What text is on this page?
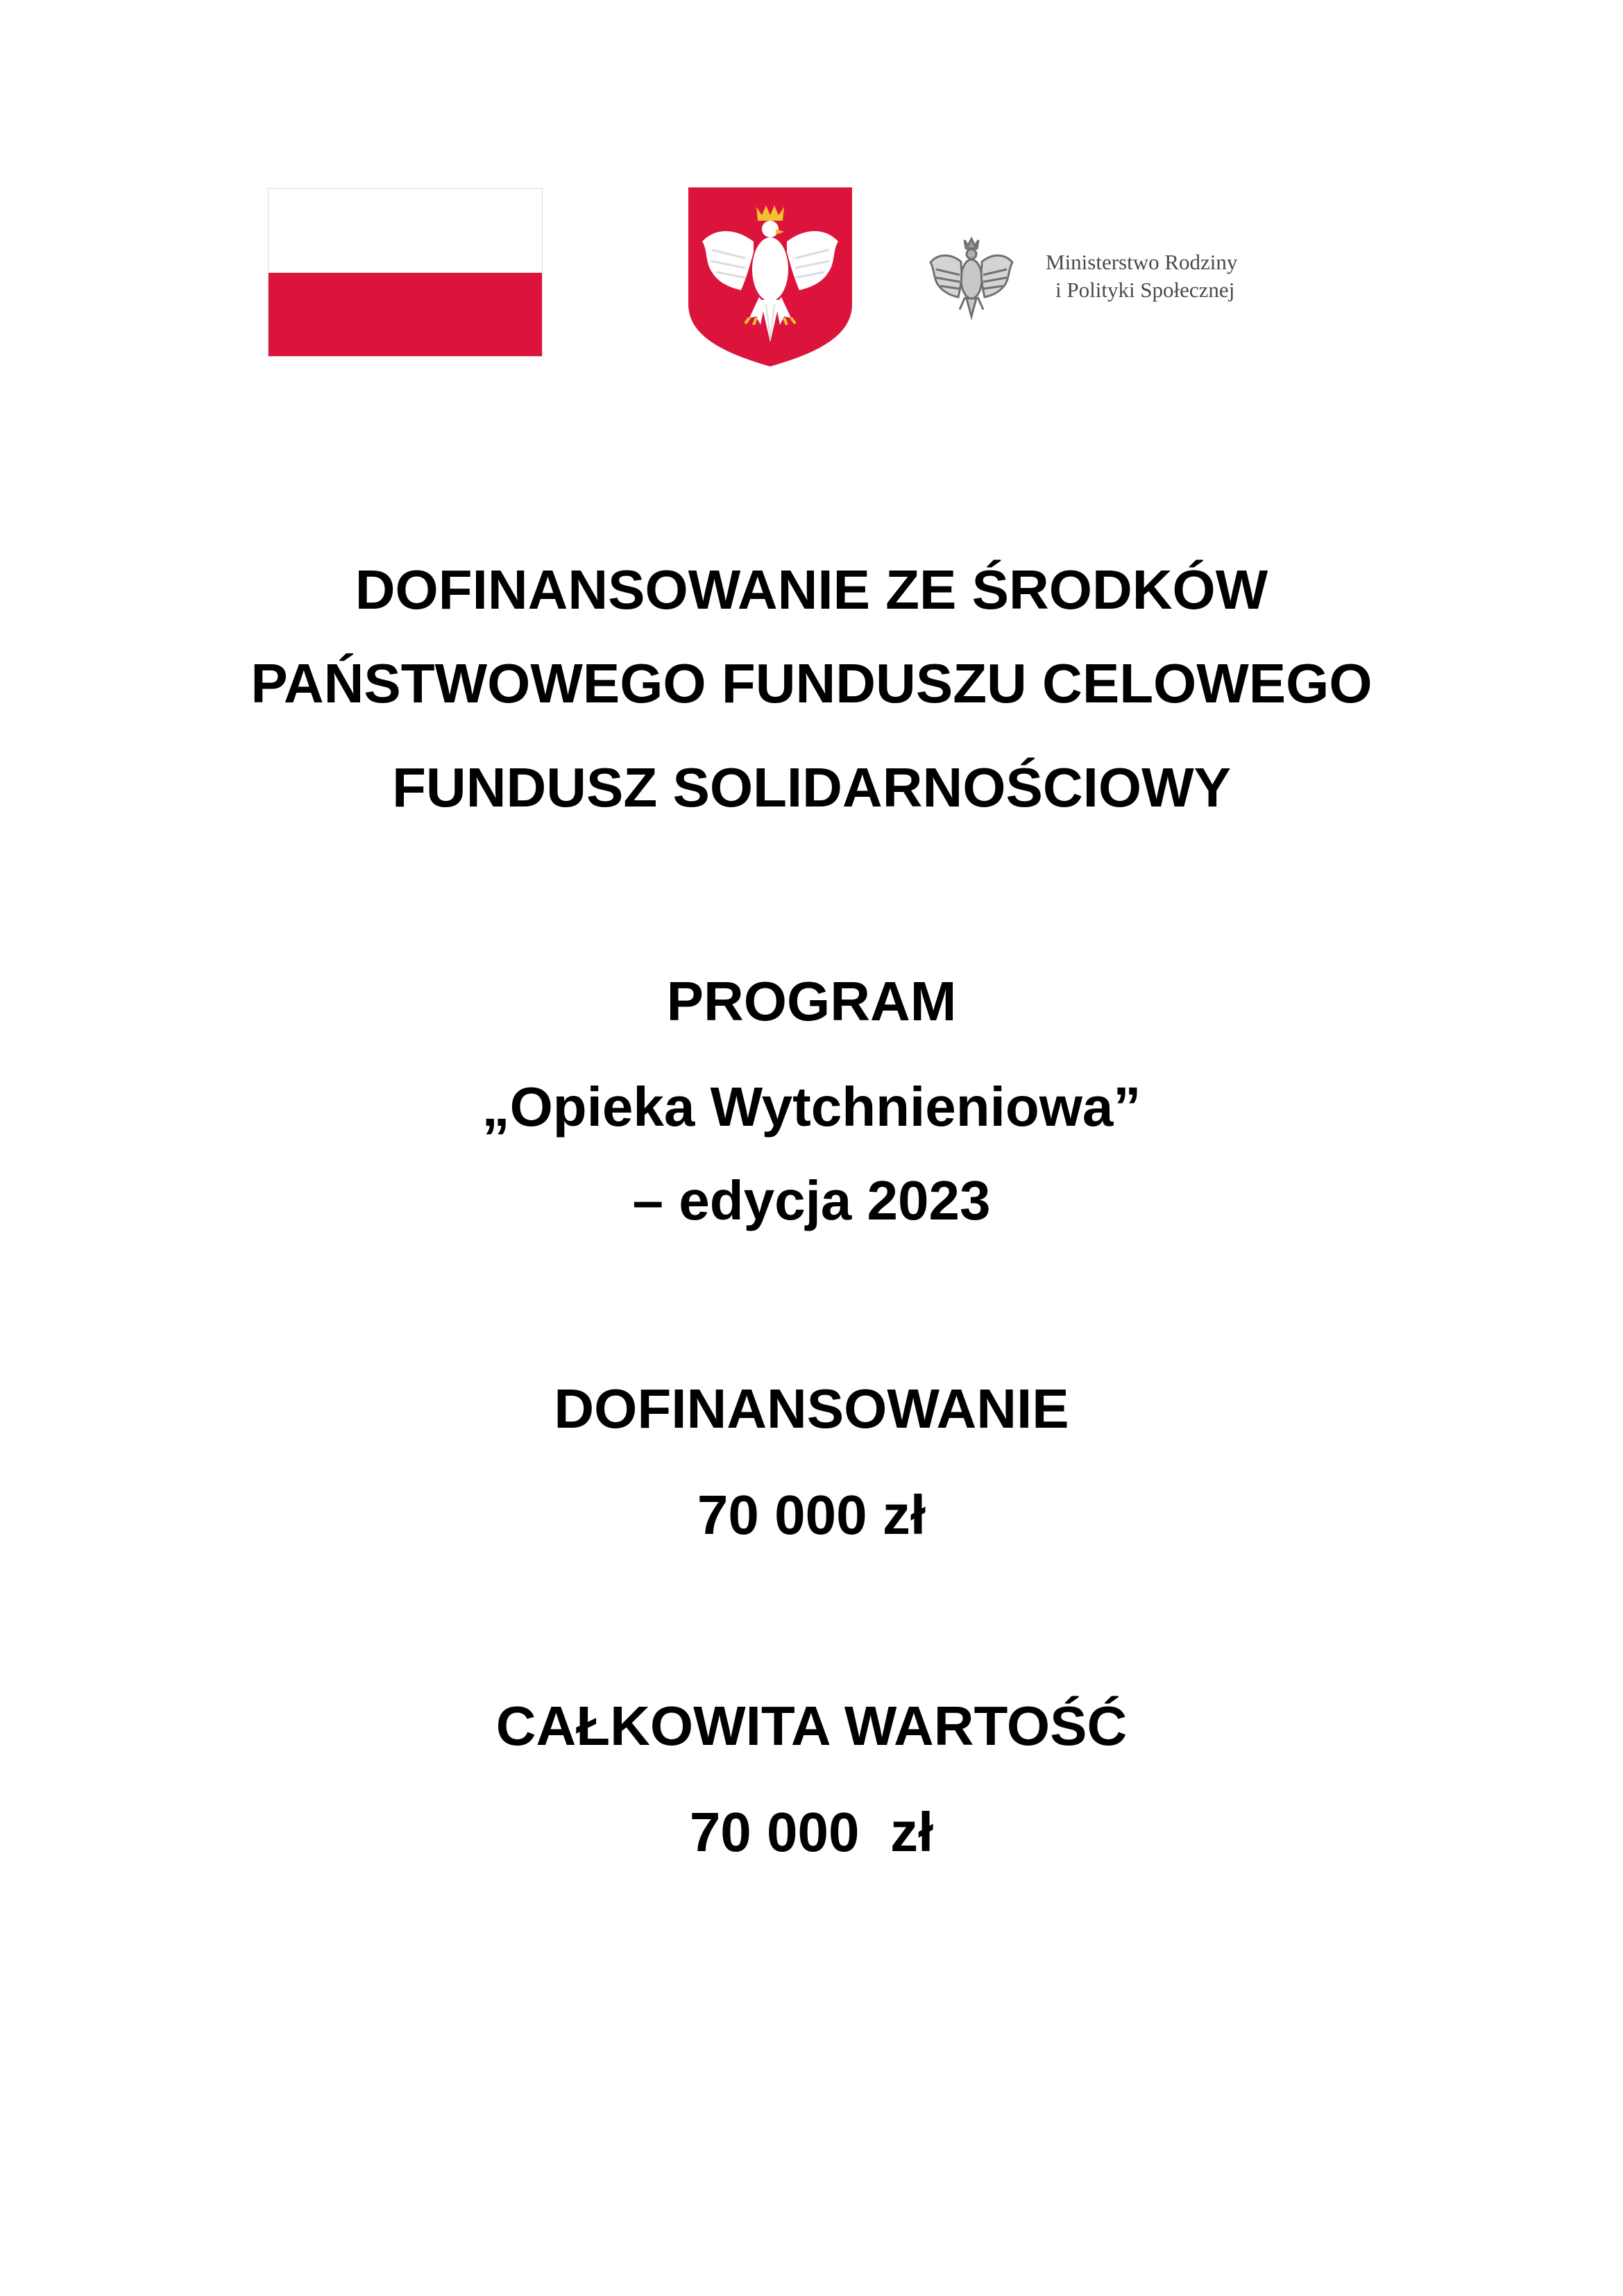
Ministerstwo Rodziny
i Polityki Społecznej
DOFINANSOWANIE ZE ŚRODKÓW
PAŃSTWOWEGO FUNDUSZU CELOWEGO
FUNDUSZ SOLIDARNOŚCIOWY
PROGRAM
„Opieka Wytchnieniowa”
– edycja 2023
DOFINANSOWANIE
70 000 zł
CAŁKOWITA WARTOŚĆ
70 000  zł
